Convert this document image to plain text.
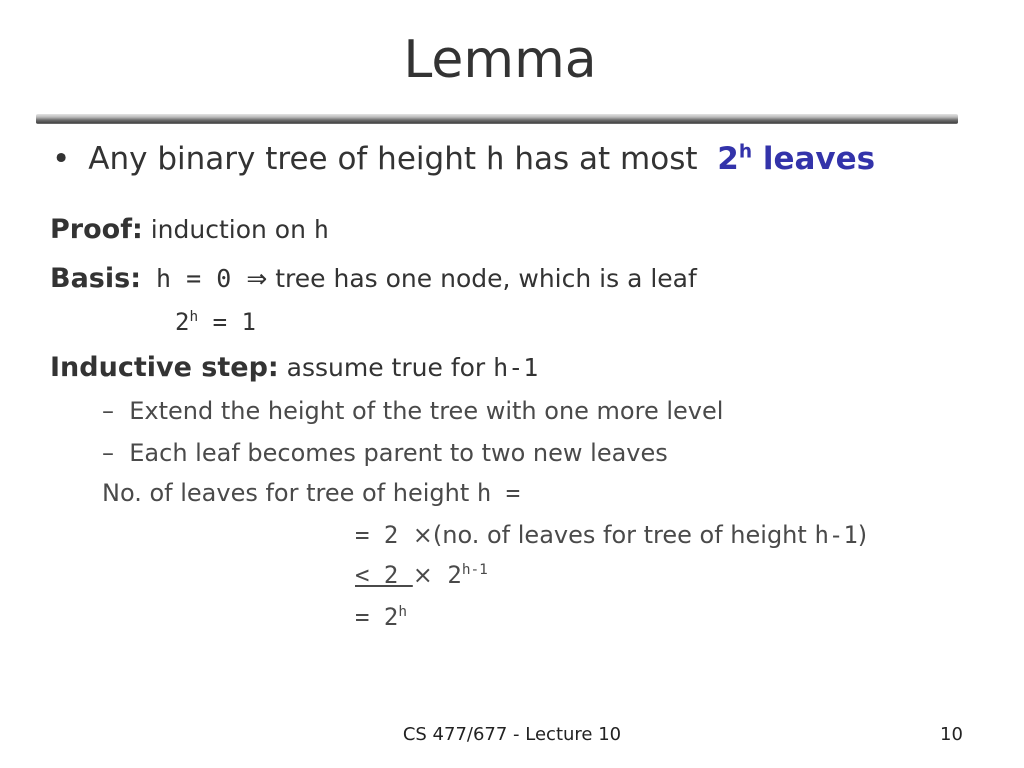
Lemma
• Any binary tree of height h has at most  2$^h$ leaves
Proof: induction on h
Basis: h = 0 ⇒ tree has one node, which is a leaf
$2^h = 1$
Inductive step: assume true for h-1
– Extend the height of the tree with one more level
– Each leaf becomes parent to two new leaves
No. of leaves for tree of height h =
= 2 ×(no. of leaves for tree of height h-1)
< $2 \times 2^{h-1}$
= $2^h$
CS 477/677 - Lecture 10	10
